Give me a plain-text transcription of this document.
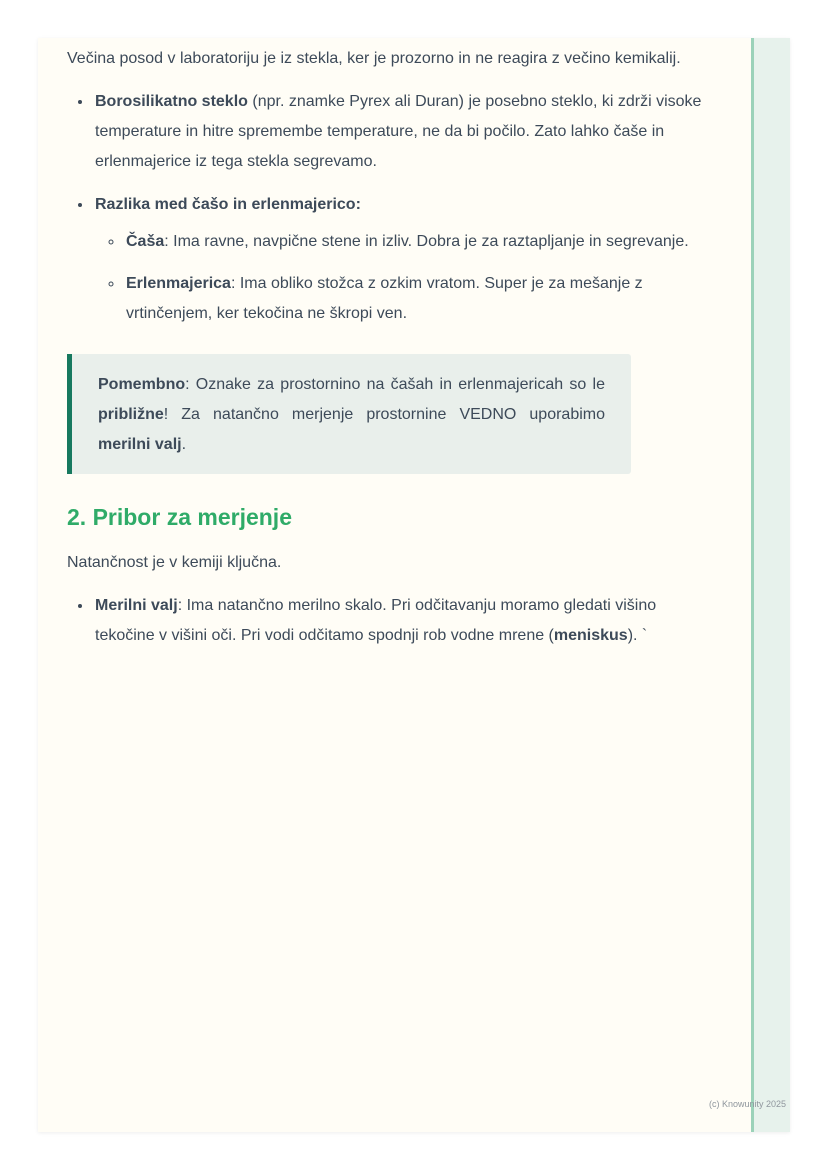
Večina posod v laboratoriju je iz stekla, ker je prozorno in ne reagira z večino kemikalij.

• Borosilikatno steklo (npr. znamke Pyrex ali Duran) je posebno steklo, ki zdrži visoke temperature in hitre spremembe temperature, ne da bi počilo. Zato lahko čaše in erlenmajerice iz tega stekla segrevamo.
• Razlika med čašo in erlenmajerico:
◦ Čaša: Ima ravne, navpične stene in izliv. Dobra je za raztapljanje in segrevanje.
◦ Erlenmajerica: Ima obliko stožca z ozkim vratom. Super je za mešanje z vrtinčenjem, ker tekočina ne škropi ven.

Pomembno: Oznake za prostornino na čašah in erlenmajericah so le približne! Za natančno merjenje prostornine VEDNO uporabimo merilni valj.

2. Pribor za merjenje

Natančnost je v kemiji ključna.

• Merilni valj: Ima natančno merilno skalo. Pri odčitavanju moramo gledati višino tekočine v višini oči. Pri vodi odčitamo spodnji rob vodne mrene (meniskus). `
(c) Knowunity 2025
